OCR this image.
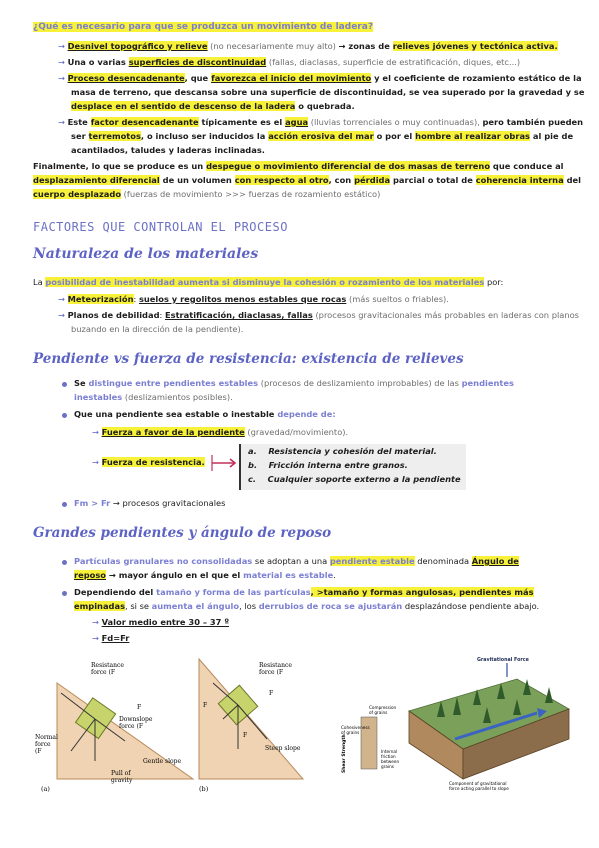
¿Qué es necesario para que se produzca un movimiento de ladera?
→ Desnivel topográfico y relieve (no necesariamente muy alto) → zonas de relieves jóvenes y tectónica activa.
→ Una o varias superficies de discontinuidad (fallas, diaclasas, superficie de estratificación, diques, etc...)
→ Proceso desencadenante, que favorezca el inicio del movimiento y el coeficiente de rozamiento estático de la
masa de terreno, que descansa sobre una superficie de discontinuidad, se vea superado por la gravedad y se
desplace en el sentido de descenso de la ladera o quebrada.
→ Este factor desencadenante típicamente es el agua (lluvias torrenciales o muy continuadas), pero también pueden
ser terremotos, o incluso ser inducidos la acción erosiva del mar o por el hombre al realizar obras al pie de
acantilados, taludes y laderas inclinadas.
Finalmente, lo que se produce es un despegue o movimiento diferencial de dos masas de terreno que conduce al
desplazamiento diferencial de un volumen con respecto al otro, con pérdida parcial o total de coherencia interna del
cuerpo desplazado (fuerzas de movimiento >>> fuerzas de rozamiento estático)
FACTORES QUE CONTROLAN EL PROCESO
Naturaleza de los materiales
La posibilidad de inestabilidad aumenta si disminuye la cohesión o rozamiento de los materiales por:
→ Meteorización: suelos y regolitos menos estables que rocas (más sueltos o friables).
→ Planos de debilidad: Estratificación, diaclasas, fallas (procesos gravitacionales más probables en laderas con planos
buzando en la dirección de la pendiente).
Pendiente vs fuerza de resistencia: existencia de relieves
Se distingue entre pendientes estables (procesos de deslizamiento improbables) de las pendientes
inestables (deslizamientos posibles).
Que una pendiente sea estable o inestable depende de:
→ Fuerza a favor de la pendiente (gravedad/movimiento).
→ Fuerza de resistencia.
a. Resistencia y cohesión del material.
b. Fricción interna entre granos.
c. Cualquier soporte externo a la pendiente
Fm > Fr → procesos gravitacionales
Grandes pendientes y ángulo de reposo
Partículas granulares no consolidadas se adoptan a una pendiente estable denominada Ángulo de
reposo → mayor ángulo en el que el material es estable.
Dependiendo del tamaño y forma de las partículas, >tamaño y formas angulosas, pendientes más
empinadas, si se aumenta el ángulo, los derrubios de roca se ajustarán desplazándose pendiente abajo.
→ Valor medio entre 30 – 37 º
→ Fd=Fr
Resistance
force (F
F
Downslope
force (F
Normal
force
(F
Gentle slope
Pull of
gravity
(a)
Resistance
force (F
F
F
F
Steep slope
(b)
Gravitational Force
Shear Strength
Compression
of grains
Cohesiveness
of grains
Internal
friction
between
grains
Component of gravitational
force acting parallel to slope
